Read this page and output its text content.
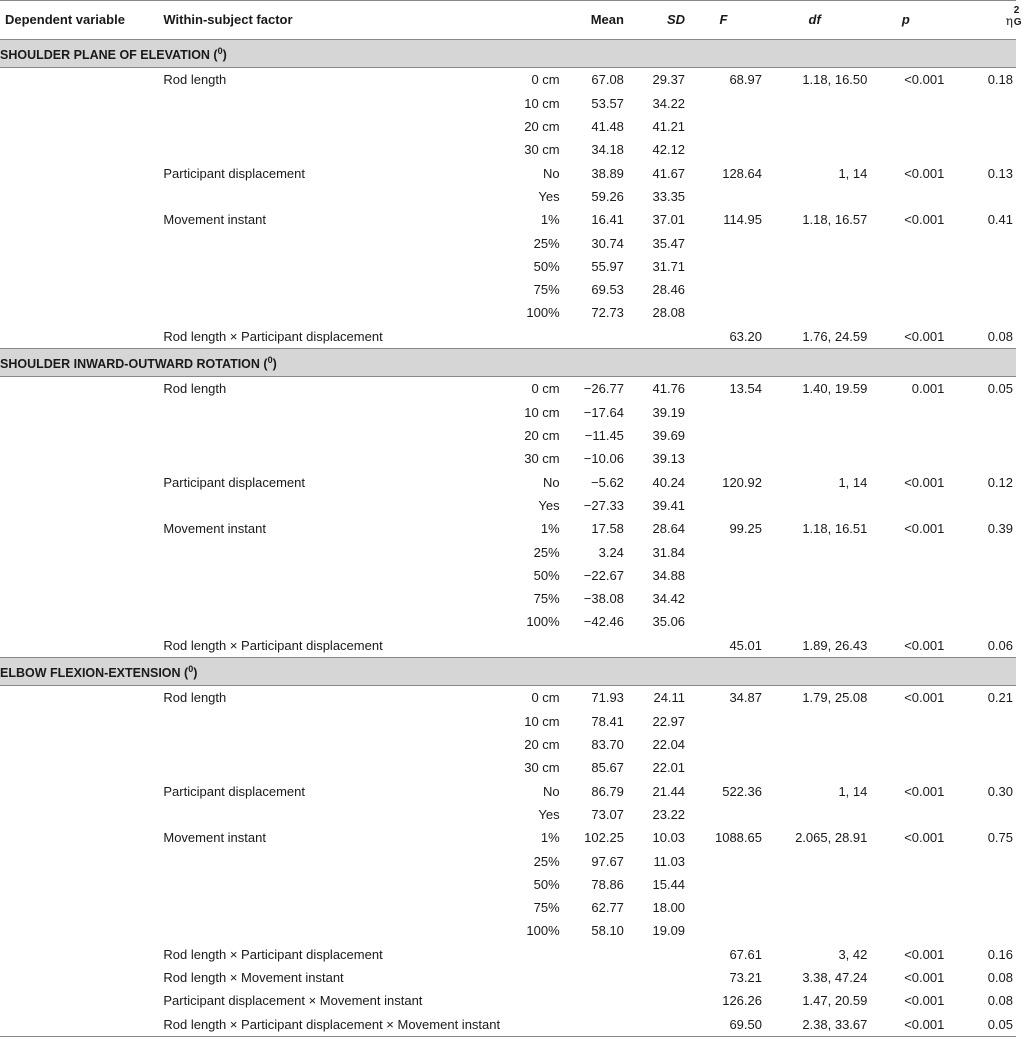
Dependent variable	Within-subject factor		Mean	SD	F	df	p	η
2
G

SHOULDER PLANE OF ELEVATION ($^0$)								
	Rod length	0 cm	67.08	29.37	68.97	1.18, 16.50	<0.001	0.18
		10 cm	53.57	34.22				
		20 cm	41.48	41.21				
		30 cm	34.18	42.12				
	Participant displacement	No	38.89	41.67	128.64	1, 14	<0.001	0.13
		Yes	59.26	33.35				
	Movement instant	1%	16.41	37.01	114.95	1.18, 16.57	<0.001	0.41
		25%	30.74	35.47				
		50%	55.97	31.71				
		75%	69.53	28.46				
		100%	72.73	28.08				
	Rod length × Participant displacement				63.20	1.76, 24.59	<0.001	0.08
SHOULDER INWARD-OUTWARD ROTATION ($^0$)								
	Rod length	0 cm	−26.77	41.76	13.54	1.40, 19.59	0.001	0.05
		10 cm	−17.64	39.19				
		20 cm	−11.45	39.69				
		30 cm	−10.06	39.13				
	Participant displacement	No	−5.62	40.24	120.92	1, 14	<0.001	0.12
		Yes	−27.33	39.41				
	Movement instant	1%	17.58	28.64	99.25	1.18, 16.51	<0.001	0.39
		25%	3.24	31.84				
		50%	−22.67	34.88				
		75%	−38.08	34.42				
		100%	−42.46	35.06				
	Rod length × Participant displacement				45.01	1.89, 26.43	<0.001	0.06
ELBOW FLEXION-EXTENSION ($^0$)								
	Rod length	0 cm	71.93	24.11	34.87	1.79, 25.08	<0.001	0.21
		10 cm	78.41	22.97				
		20 cm	83.70	22.04				
		30 cm	85.67	22.01				
	Participant displacement	No	86.79	21.44	522.36	1, 14	<0.001	0.30
		Yes	73.07	23.22				
	Movement instant	1%	102.25	10.03	1088.65	2.065, 28.91	<0.001	0.75
		25%	97.67	11.03				
		50%	78.86	15.44				
		75%	62.77	18.00				
		100%	58.10	19.09				
	Rod length × Participant displacement				67.61	3, 42	<0.001	0.16
	Rod length × Movement instant				73.21	3.38, 47.24	<0.001	0.08
	Participant displacement × Movement instant				126.26	1.47, 20.59	<0.001	0.08
	Rod length × Participant displacement × Movement instant				69.50	2.38, 33.67	<0.001	0.05
